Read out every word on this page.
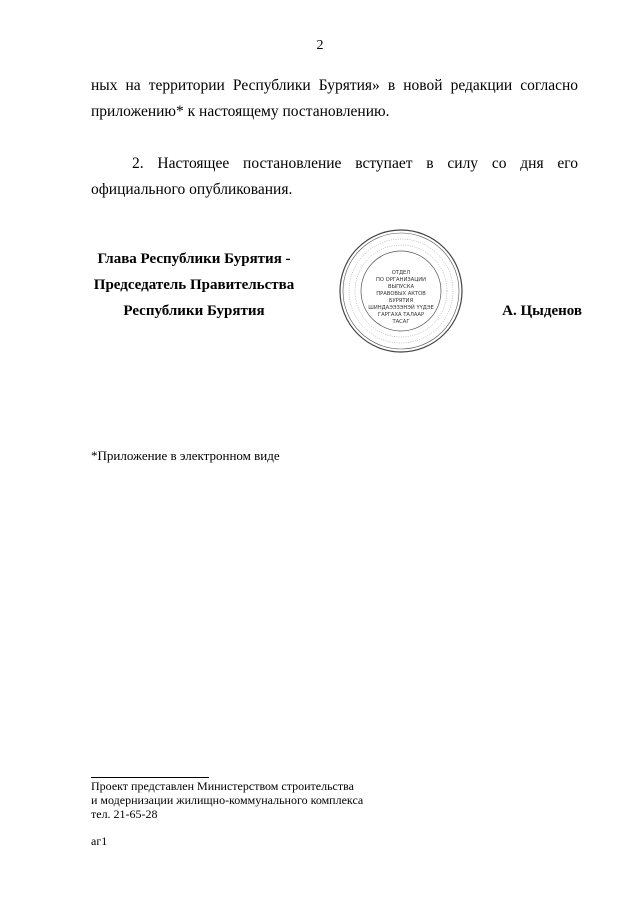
2
ных на территории Республики Бурятия» в новой редакции согласно приложению* к настоящему постановлению.
2. Настоящее постановление вступает в силу со дня его официального опубликования.
Глава Республики Бурятия -
Председатель Правительства
Республики Бурятия
ОТДЕЛ
ПО ОРГАНИЗАЦИИ
ВЫПУСКА
ПРАВОВЫХ АКТОВ
БУРЯТИЯ
ШИНДАЭЭЗЭНЭЙ ҮҮДЭЕ
ГАРГАХА ТАЛААР
ТАСАГ
А. Цыденов
*Приложение в электронном виде
Проект представлен Министерством строительства
и модернизации жилищно-коммунального комплекса
тел. 21-65-28
аг1
